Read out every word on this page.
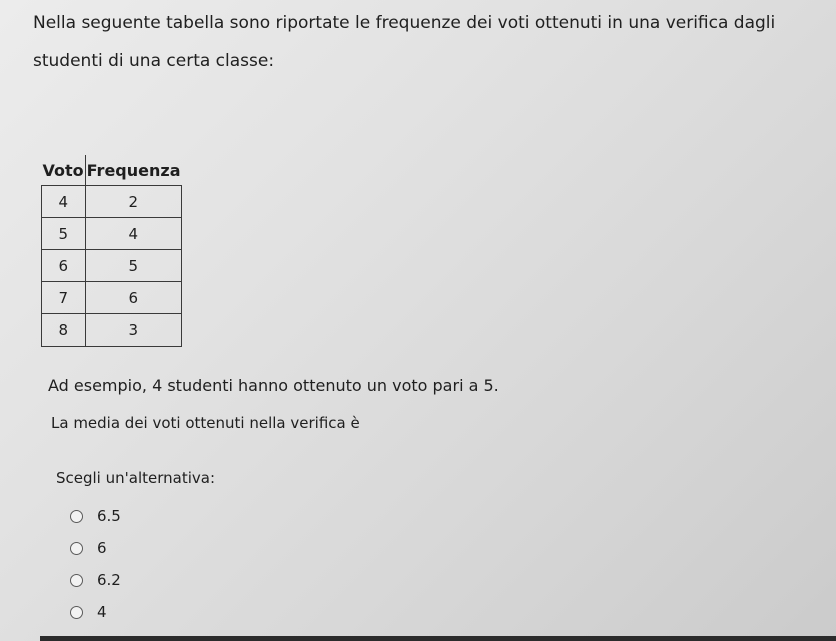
Nella seguente tabella sono riportate le frequenze dei voti ottenuti in una verifica dagli studenti di una certa classe:

Voto	Frequenza
4	2
5	4
6	5
7	6
8	3

Ad esempio, 4 studenti hanno ottenuto un voto pari a 5.

La media dei voti ottenuti nella verifica è

Scegli un'alternativa:

6.5
6
6.2
4
